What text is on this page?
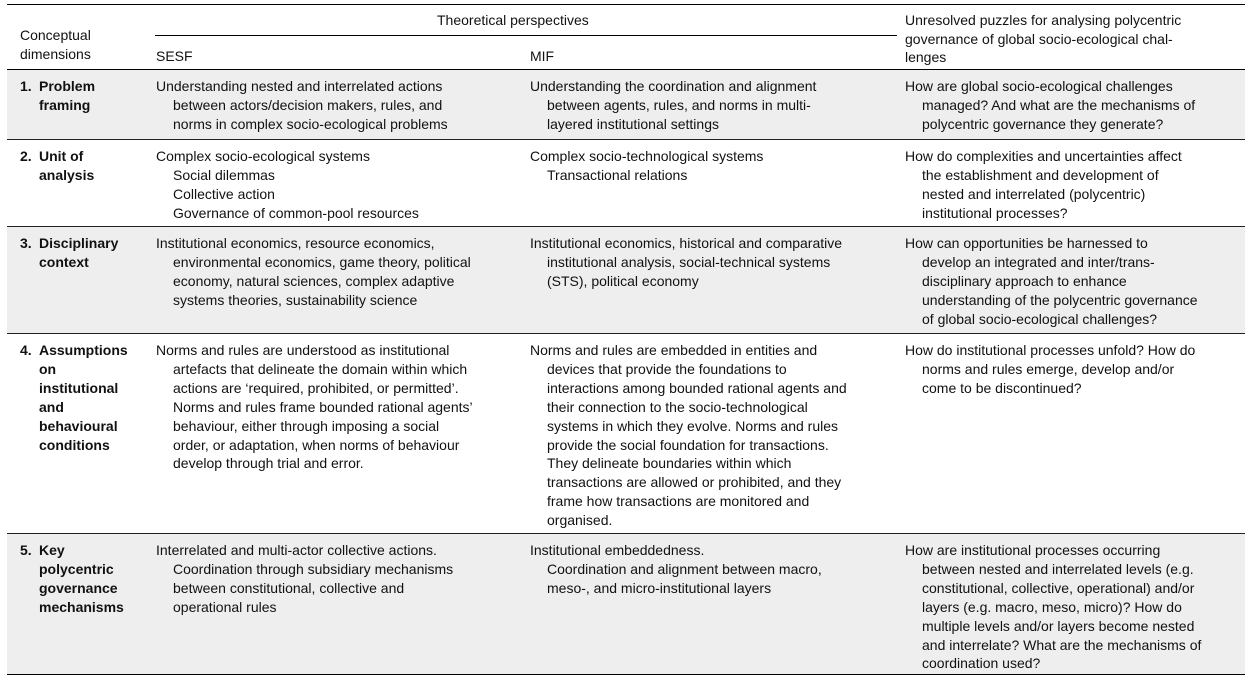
Conceptual
dimensions
Theoretical perspectives
SESF	MIF
Unresolved puzzles for analysing polycentric
governance of global socio-ecological chal-
lenges
1. Problem
framing
Understanding nested and interrelated actions
between actors/decision makers, rules, and
norms in complex socio-ecological problems
Understanding the coordination and alignment
between agents, rules, and norms in multi-
layered institutional settings
How are global socio-ecological challenges
managed? And what are the mechanisms of
polycentric governance they generate?
2. Unit of
analysis
Complex socio-ecological systems
Social dilemmas
Collective action
Governance of common-pool resources
Complex socio-technological systems
Transactional relations
How do complexities and uncertainties affect
the establishment and development of
nested and interrelated (polycentric)
institutional processes?
3. Disciplinary
context
Institutional economics, resource economics,
environmental economics, game theory, political
economy, natural sciences, complex adaptive
systems theories, sustainability science
Institutional economics, historical and comparative
institutional analysis, social-technical systems
(STS), political economy
How can opportunities be harnessed to
develop an integrated and inter/trans-
disciplinary approach to enhance
understanding of the polycentric governance
of global socio-ecological challenges?
4. Assumptions
on
institutional
and
behavioural
conditions
Norms and rules are understood as institutional
artefacts that delineate the domain within which
actions are ‘required, prohibited, or permitted’.
Norms and rules frame bounded rational agents’
behaviour, either through imposing a social
order, or adaptation, when norms of behaviour
develop through trial and error.
Norms and rules are embedded in entities and
devices that provide the foundations to
interactions among bounded rational agents and
their connection to the socio-technological
systems in which they evolve. Norms and rules
provide the social foundation for transactions.
They delineate boundaries within which
transactions are allowed or prohibited, and they
frame how transactions are monitored and
organised.
How do institutional processes unfold? How do
norms and rules emerge, develop and/or
come to be discontinued?
5. Key
polycentric
governance
mechanisms
Interrelated and multi-actor collective actions.
Coordination through subsidiary mechanisms
between constitutional, collective and
operational rules
Institutional embeddedness.
Coordination and alignment between macro,
meso-, and micro-institutional layers
How are institutional processes occurring
between nested and interrelated levels (e.g.
constitutional, collective, operational) and/or
layers (e.g. macro, meso, micro)? How do
multiple levels and/or layers become nested
and interrelate? What are the mechanisms of
coordination used?
